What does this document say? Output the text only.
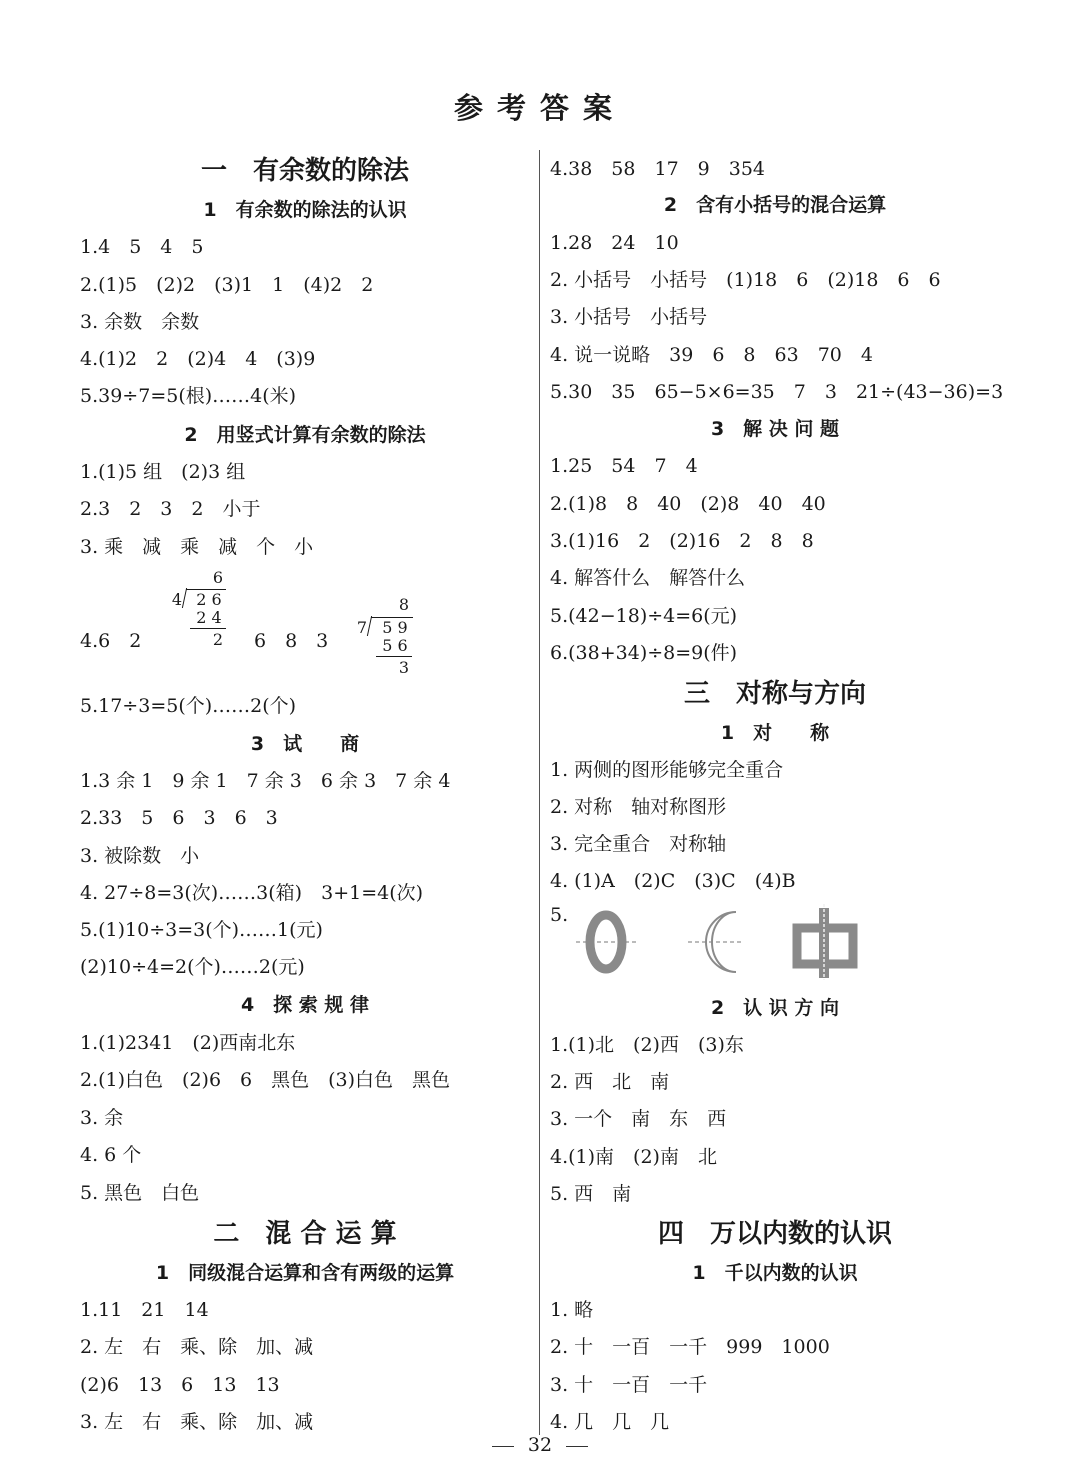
参考答案
一　有余数的除法
1　有余数的除法的认识
1.4　5　4　5
2.(1)5　(2)2　(3)1　1　(4)2　2
3. 余数　余数
4.(1)2　2　(2)4　4　(3)9
5.39÷7=5(根)……4(米)
2　用竖式计算有余数的除法
1.(1)5 组　(2)3 组
2.3　2　3　2　小于
3. 乘　减　乘　减　个　小
4.6　2
6
4 2 6
2 4
2 6　8　3
8
7 5 9
5 6
3
5.17÷3=5(个)……2(个)
3　试　　商
1.3 余 1　9 余 1　7 余 3　6 余 3　7 余 4
2.33　5　6　3　6　3
3. 被除数　小
4. 27÷8=3(次)……3(箱)　3+1=4(次)
5.(1)10÷3=3(个)……1(元)
(2)10÷4=2(个)……2(元)
4　探 索 规 律
1.(1)2341　(2)西南北东
2.(1)白色　(2)6　6　黑色　(3)白色　黑色
3. 余
4. 6 个
5. 黑色　白色
二　混 合 运 算
1　同级混合运算和含有两级的运算
1.11　21　14
2. 左　右　乘、除　加、减
(2)6　13　6　13　13
3. 左　右　乘、除　加、减
4.38　58　17　9　354
2　含有小括号的混合运算
1.28　24　10
2. 小括号　小括号　(1)18　6　(2)18　6　6
3. 小括号　小括号
4. 说一说略　39　6　8　63　70　4
5.30　35　65−5×6=35　7　3　21÷(43−36)=3
3　解 决 问 题
1.25　54　7　4
2.(1)8　8　40　(2)8　40　40
3.(1)16　2　(2)16　2　8　8
4. 解答什么　解答什么
5.(42−18)÷4=6(元)
6.(38+34)÷8=9(件)
三　对称与方向
1　对　　称
1. 两侧的图形能够完全重合
2. 对称　轴对称图形
3. 完全重合　对称轴
4. (1)A　(2)C　(3)C　(4)B
5.
2　认 识 方 向
1.(1)北　(2)西　(3)东
2. 西　北　南
3. 一个　南　东　西
4.(1)南　(2)南　北
5. 西　南
四　万以内数的认识
1　千以内数的认识
1. 略
2. 十　一百　一千　999　1000
3. 十　一百　一千
4. 几　几　几
32
